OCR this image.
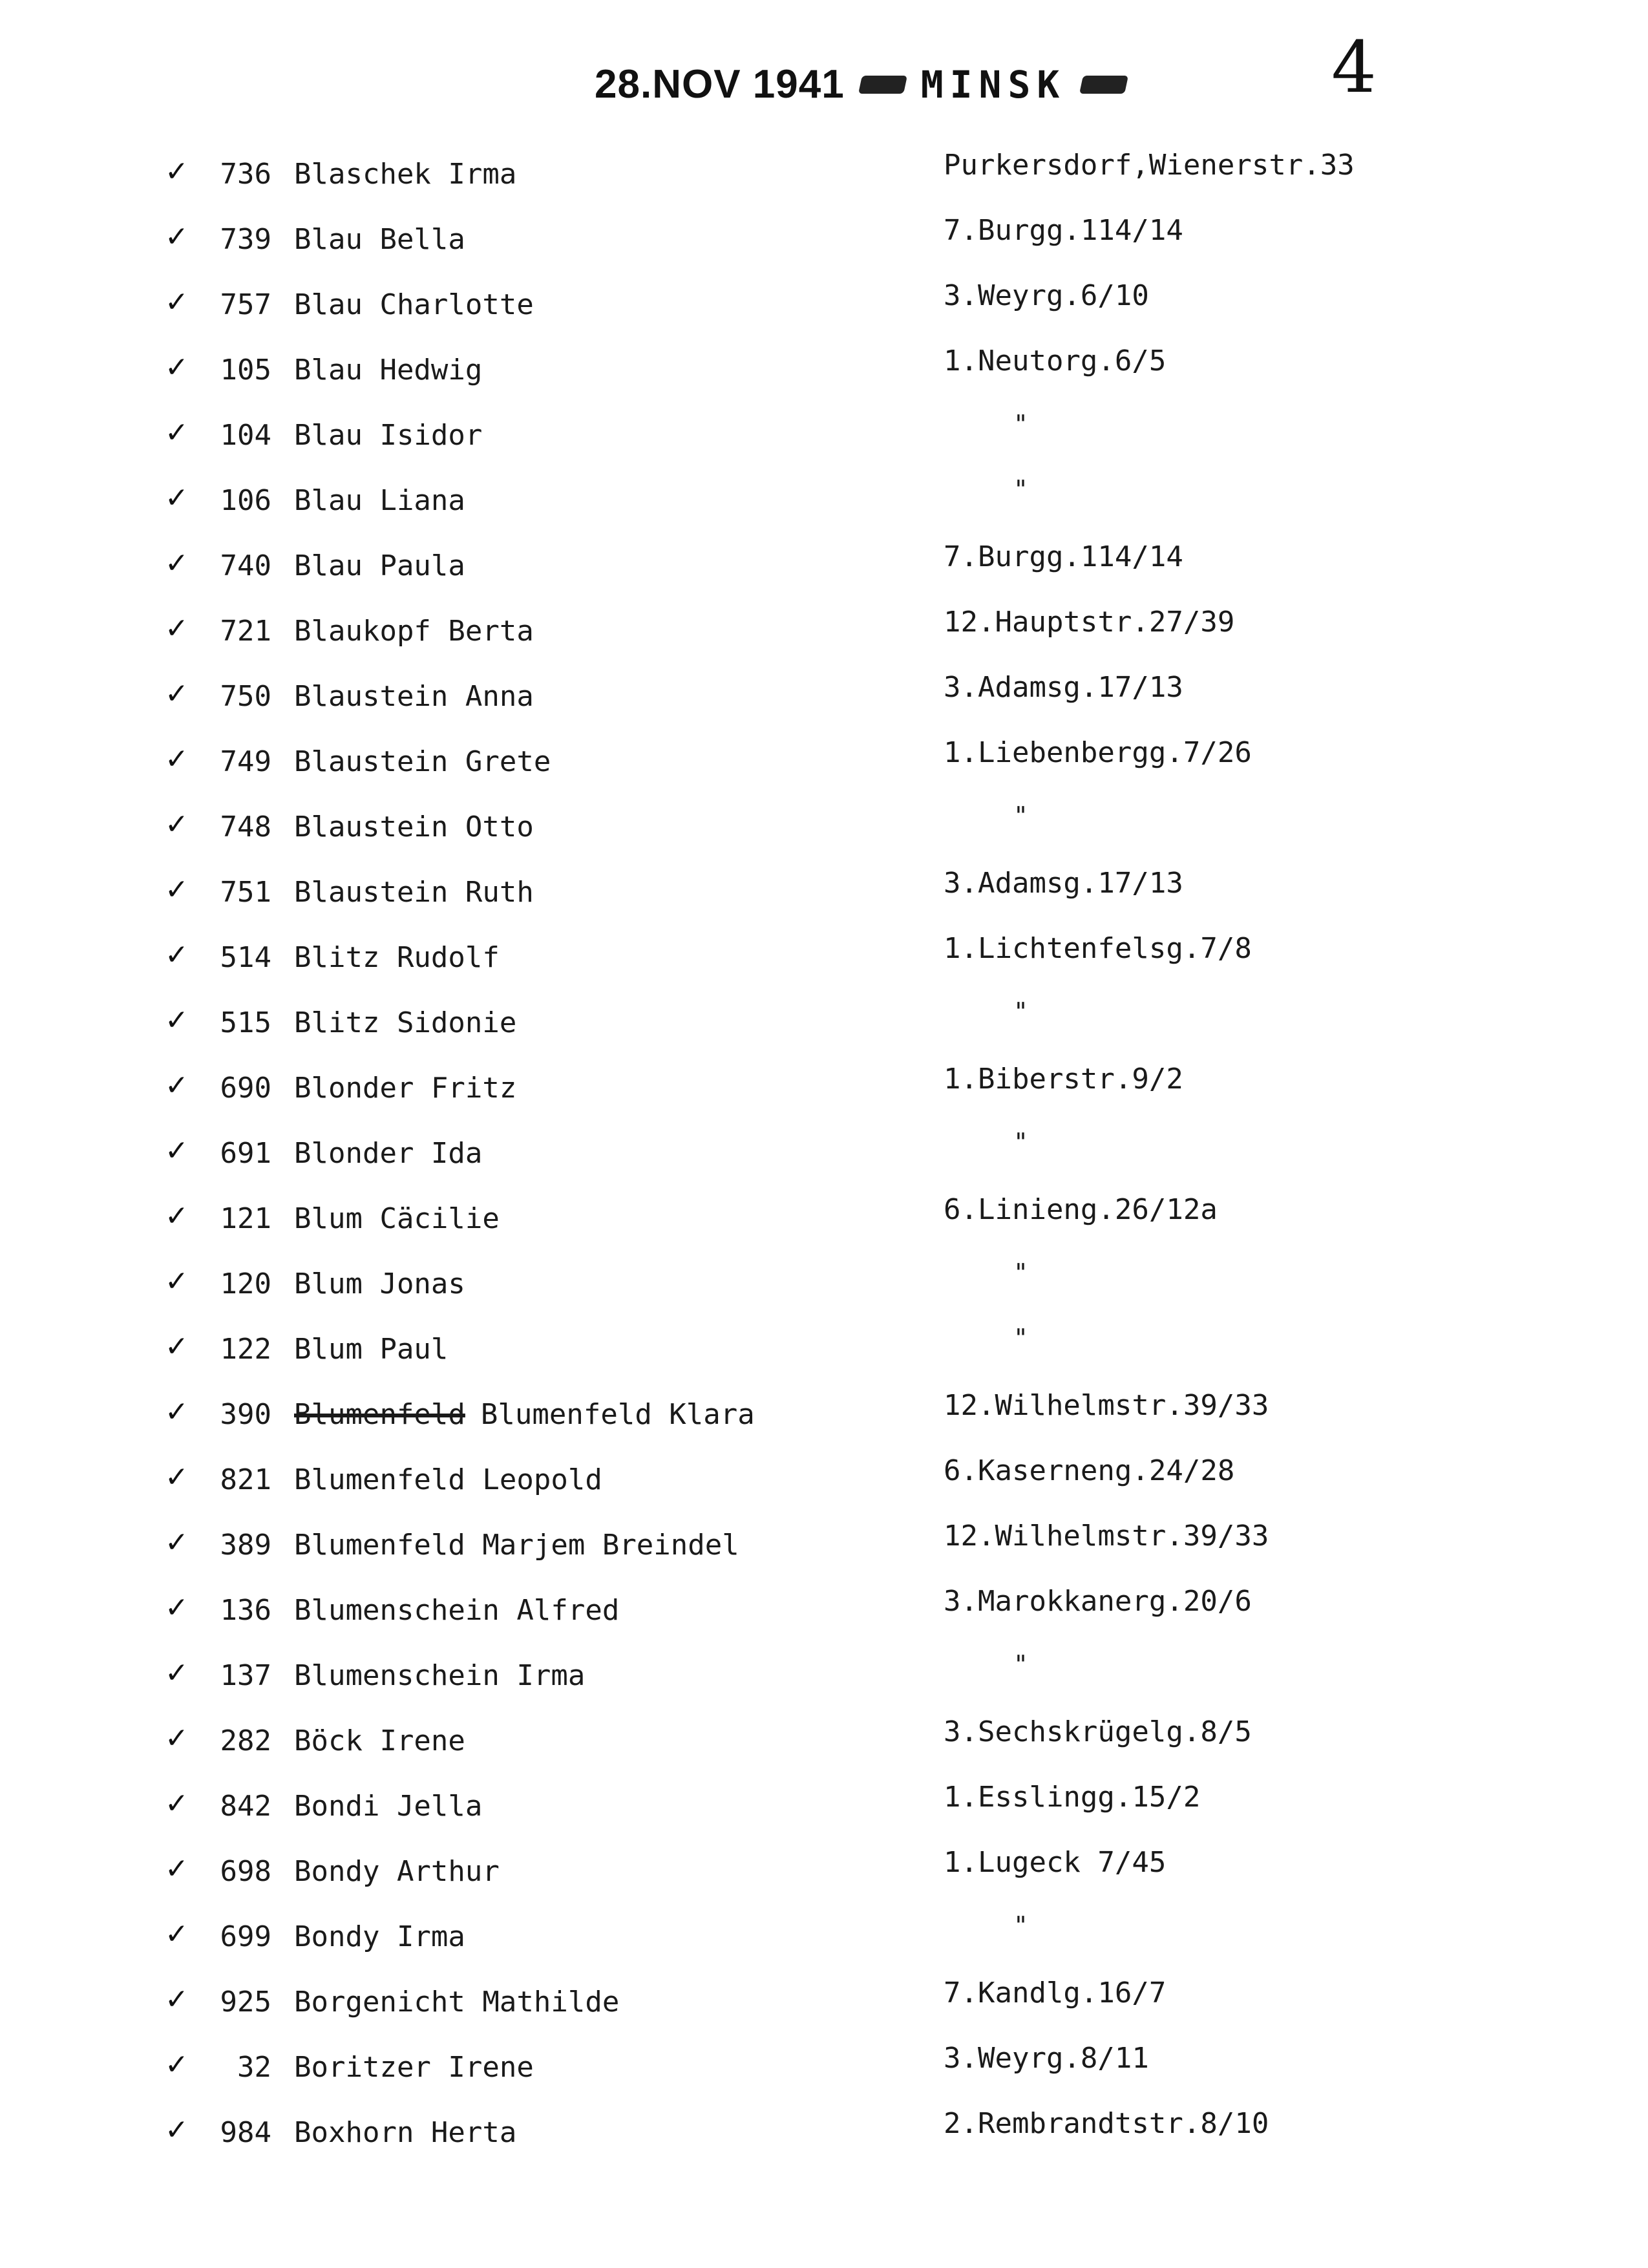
4
28.NOV 1941 MINSK
✓	736 Blaschek Irma	Purkersdorf,Wienerstr.33
✓	739 Blau Bella	7.Burgg.114/14
✓	757 Blau Charlotte	3.Weyrg.6/10
✓	105 Blau Hedwig	1.Neutorg.6/5
✓	104 Blau Isidor	"
✓	106 Blau Liana	"
✓	740 Blau Paula	7.Burgg.114/14
✓	721 Blaukopf Berta	12.Hauptstr.27/39
✓	750 Blaustein Anna	3.Adamsg.17/13
✓	749 Blaustein Grete	1.Liebenbergg.7/26
✓	748 Blaustein Otto	"
✓	751 Blaustein Ruth	3.Adamsg.17/13
✓	514 Blitz Rudolf	1.Lichtenfelsg.7/8
✓	515 Blitz Sidonie	"
✓	690 Blonder Fritz	1.Biberstr.9/2
✓	691 Blonder Ida	"
✓	121 Blum Cäcilie	6.Linieng.26/12a
✓	120 Blum Jonas	"
✓	122 Blum Paul	"
✓	390 Blumenfeld Blumenfeld Klara	12.Wilhelmstr.39/33
✓	821 Blumenfeld Leopold	6.Kaserneng.24/28
✓	389 Blumenfeld Marjem Breindel	12.Wilhelmstr.39/33
✓	136 Blumenschein Alfred	3.Marokkanerg.20/6
✓	137 Blumenschein Irma	"
✓	282 Böck Irene	3.Sechskrügelg.8/5
✓	842 Bondi Jella	1.Esslingg.15/2
✓	698 Bondy Arthur	1.Lugeck 7/45
✓	699 Bondy Irma	"
✓	925 Borgenicht Mathilde	7.Kandlg.16/7
✓	32 Boritzer Irene	3.Weyrg.8/11
✓	984 Boxhorn Herta	2.Rembrandtstr.8/10
